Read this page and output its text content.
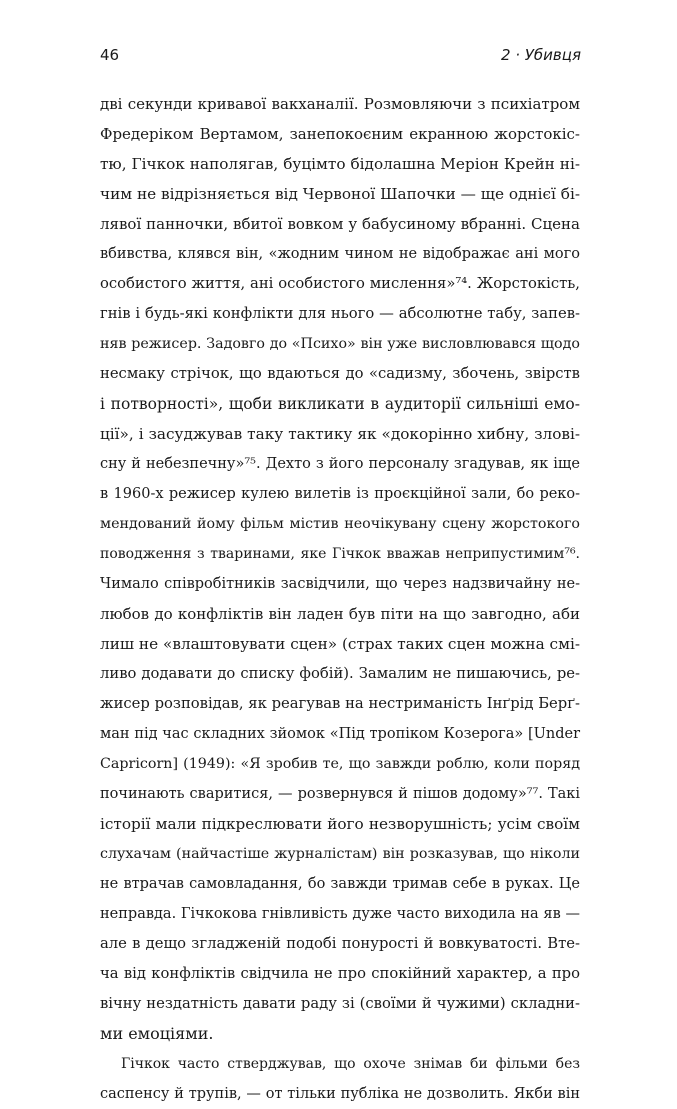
46	2 · Убивця
дві секунди кривавої вакханалії. Розмовляючи з психіатром
Фредеріком Вертамом, занепокоєним екранною жорстокіс-
тю, Гічкок наполягав, буцімто бідолашна Меріон Крейн ні-
чим не відрізняється від Червоної Шапочки — ще однієї бі-
лявої панночки, вбитої вовком у бабусиному вбранні. Сцена
вбивства, клявся він, «жодним чином не відображає ані мого
особистого життя, ані особистого мислення»⁷⁴. Жорстокість,
гнів і будь-які конфлікти для нього — абсолютне табу, запев-
няв режисер. Задовго до «Психо» він уже висловлювався щодо
несмаку стрічок, що вдаються до «садизму, збочень, звірств
і потворності», щоби викликати в аудиторії сильніші емо-
ції», і засуджував таку тактику як «докорінно хибну, злові-
сну й небезпечну»⁷⁵. Дехто з його персоналу згадував, як іще
в 1960-х режисер кулею вилетів із проєкційної зали, бо реко-
мендований йому фільм містив неочікувану сцену жорстокого
поводження з тваринами, яке Гічкок вважав неприпустимим⁷⁶.
Чимало співробітників засвідчили, що через надзвичайну не-
любов до конфліктів він ладен був піти на що завгодно, аби
лиш не «влаштовувати сцен» (страх таких сцен можна смі-
ливо додавати до списку фобій). Замалим не пишаючись, ре-
жисер розповідав, як реагував на нестриманість Інґрід Берґ-
ман під час складних зйомок «Під тропіком Козерога» [Under
Capricorn] (1949): «Я зробив те, що завжди роблю, коли поряд
починають сваритися, — розвернувся й пішов додому»⁷⁷. Такі
історії мали підкреслювати його незворушність; усім своїм
слухачам (найчастіше журналістам) він розказував, що ніколи
не втрачав самовладання, бо завжди тримав себе в руках. Це
неправда. Гічкокова гнівливість дуже часто виходила на яв —
але в дещо згладженій подобі понурості й вовкуватості. Вте-
ча від конфліктів свідчила не про спокійний характер, а про
вічну нездатність давати раду зі (своїми й чужими) складни-
ми емоціями.
Гічкок часто стверджував, що охоче знімав би фільми без
саспенсу й трупів, — от тільки публіка не дозволить. Якби він
